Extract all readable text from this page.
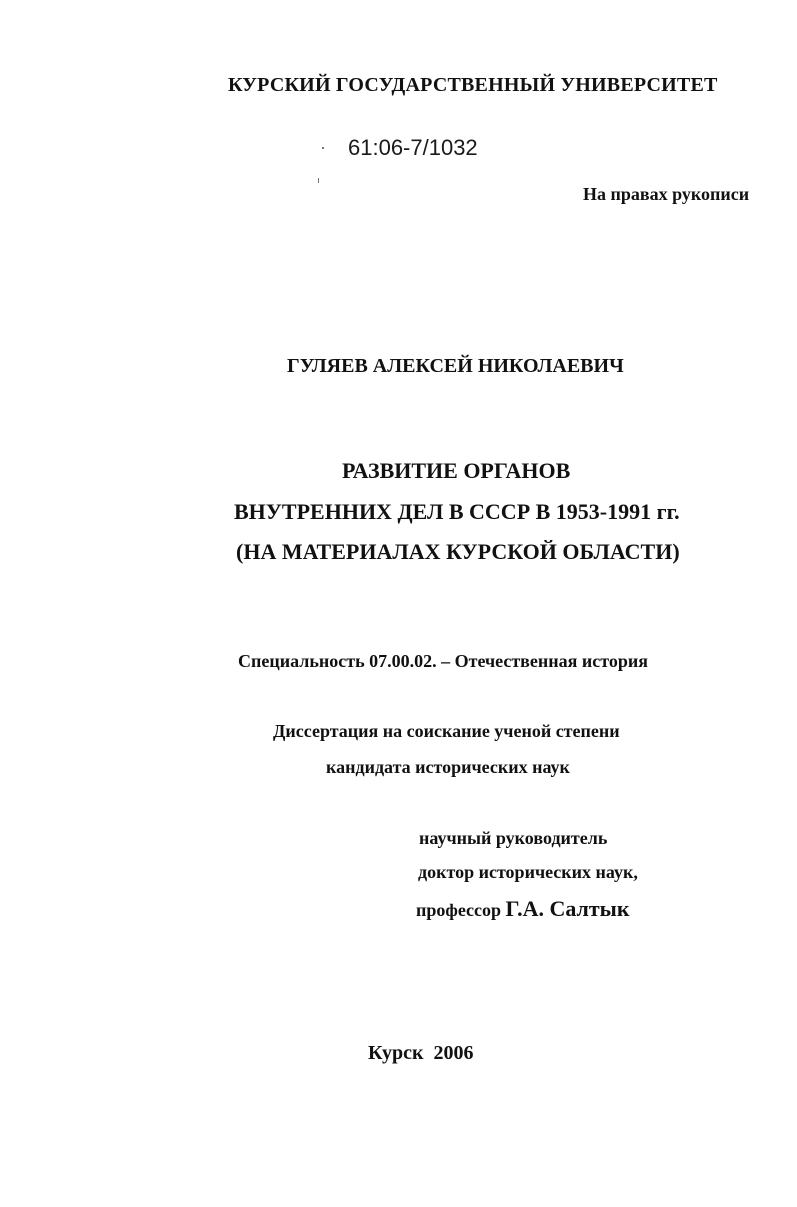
КУРСКИЙ ГОСУДАРСТВЕННЫЙ УНИВЕРСИТЕТ
61:06-7/1032
На правах рукописи
ГУЛЯЕВ АЛЕКСЕЙ НИКОЛАЕВИЧ
РАЗВИТИЕ ОРГАНОВ
ВНУТРЕННИХ ДЕЛ В СССР В 1953-1991 гг.
(НА МАТЕРИАЛАХ КУРСКОЙ ОБЛАСТИ)
Специальность 07.00.02. – Отечественная история
Диссертация на соискание ученой степени
кандидата исторических наук
научный руководитель
доктор исторических наук,
профессор Г.А. Салтык
Курск  2006
